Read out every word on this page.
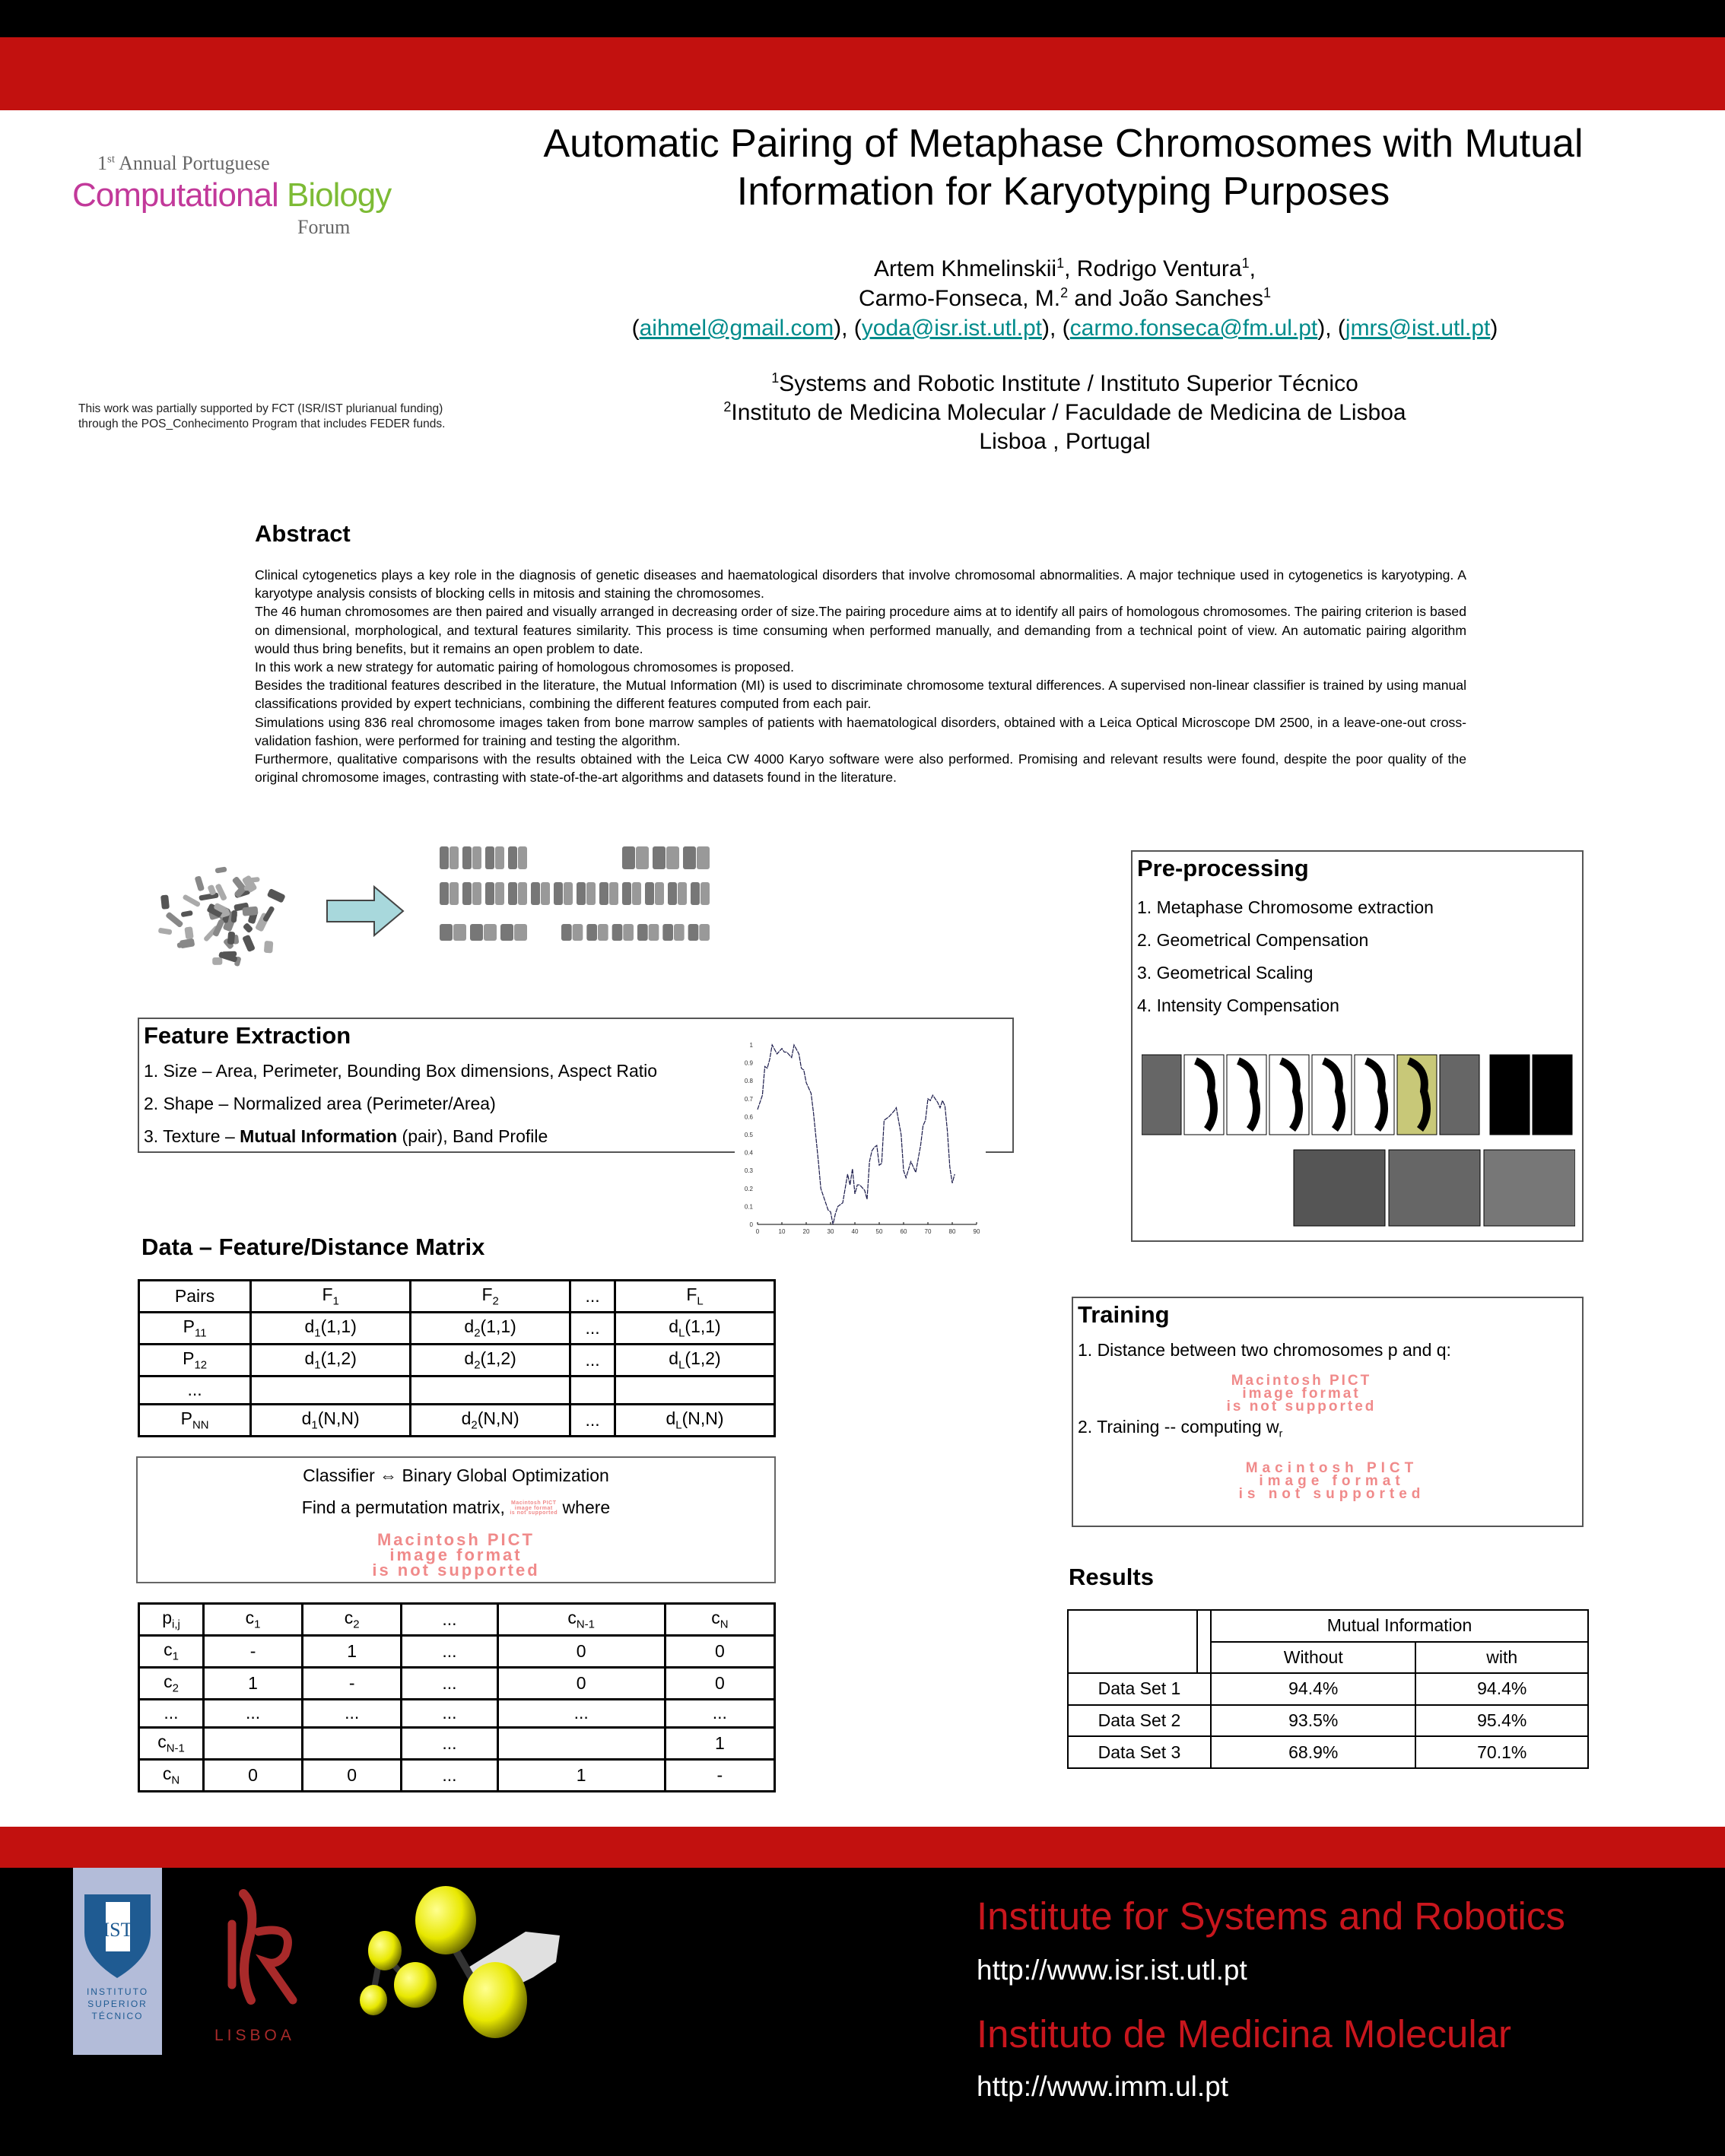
1st Annual Portuguese
Computational Biology
Forum
This work was partially supported by FCT (ISR/IST plurianual funding)
through the POS_Conhecimento Program that includes FEDER funds.
Automatic Pairing of Metaphase Chromosomes with Mutual
Information for Karyotyping Purposes
Artem Khmelinskii$^1$, Rodrigo Ventura$^1$,
Carmo-Fonseca, M.$^2$ and João Sanches$^1$
(aihmel@gmail.com), (yoda@isr.ist.utl.pt), (carmo.fonseca@fm.ul.pt), (jmrs@ist.utl.pt)
$^1$Systems and Robotic Institute / Instituto Superior Técnico
$^2$Instituto de Medicina Molecular / Faculdade de Medicina de Lisboa
Lisboa , Portugal
Abstract

Clinical cytogenetics plays a key role in the diagnosis of genetic diseases and haematological disorders that involve chromosomal abnormalities. A major technique used in cytogenetics is karyotyping. A karyotype analysis consists of blocking cells in mitosis and staining the chromosomes.

The 46 human chromosomes are then paired and visually arranged in decreasing order of size.The pairing procedure aims at to identify all pairs of homologous chromosomes. The pairing criterion is based on dimensional, morphological, and textural features similarity. This process is time consuming when performed manually, and demanding from a technical point of view. An automatic pairing algorithm would thus bring benefits, but it remains an open problem to date.

In this work a new strategy for automatic pairing of homologous chromosomes is proposed.

Besides the traditional features described in the literature, the Mutual Information (MI) is used to discriminate chromosome textural differences. A supervised non-linear classifier is trained by using manual classifications provided by expert technicians, combining the different features computed from each pair.

Simulations using 836 real chromosome images taken from bone marrow samples of patients with haematological disorders, obtained with a Leica Optical Microscope DM 2500, in a leave-one-out cross-validation fashion, were performed for training and testing the algorithm.

Furthermore, qualitative comparisons with the results obtained with the Leica CW 4000 Karyo software were also performed. Promising and relevant results were found, despite the poor quality of the original chromosome images, contrasting with state-of-the-art algorithms and datasets found in the literature.

Feature Extraction
1. Size – Area, Perimeter, Bounding Box dimensions, Aspect Ratio
2. Shape – Normalized area (Perimeter/Area)
3. Texture – Mutual Information (pair), Band Profile
0	10	20	30	40	50	60	70	80	90
0
0.1
0.2
0.3
0.4
0.5
0.6
0.7
0.8
0.9
1
Data – Feature/Distance Matrix
Pairs	$F_1$	$F_2$	...	$F_L$
$P_{11}$	$d_1(1,1)$	$d_2(1,1)$	...	$d_L(1,1)$
$P_{12}$	$d_1(1,2)$	$d_2(1,2)$	...	$d_L(1,2)$
...				
$P_{NN}$	$d_1(N,N)$	$d_2(N,N)$	...	$d_L(N,N)$
Classifier ⇔ Binary Global Optimization
Find a permutation matrix, Macintosh PICT
image format
is not supported where
Macintosh PICT
image format
is not supported
$p_{i,j}$	$c_1$	$c_2$	...	$c_{N-1}$	$c_N$
$c_1$	-	1	...	0	0
$c_2$	1	-	...	0	0
...	...	...	...	...	...
$c_{N-1}$			...		1
$c_N$	0	0	...	1	-
Pre-processing
1. Metaphase Chromosome extraction
2. Geometrical Compensation
3. Geometrical Scaling
4. Intensity Compensation
Training
1. Distance between two chromosomes p and q:
Macintosh PICT
image format
is not supported
2. Training -- computing $w_r$
Macintosh PICT
image format
is not supported
Results
		Mutual Information	
		Without	with
Data Set 1		94.4%	94.4%
Data Set 2		93.5%	95.4%
Data Set 3		68.9%	70.1%
IST
INSTITUTO
SUPERIOR
TÉCNICO
LISBOA
Institute for Systems and Robotics
http://www.isr.ist.utl.pt
Instituto de Medicina Molecular
http://www.imm.ul.pt
